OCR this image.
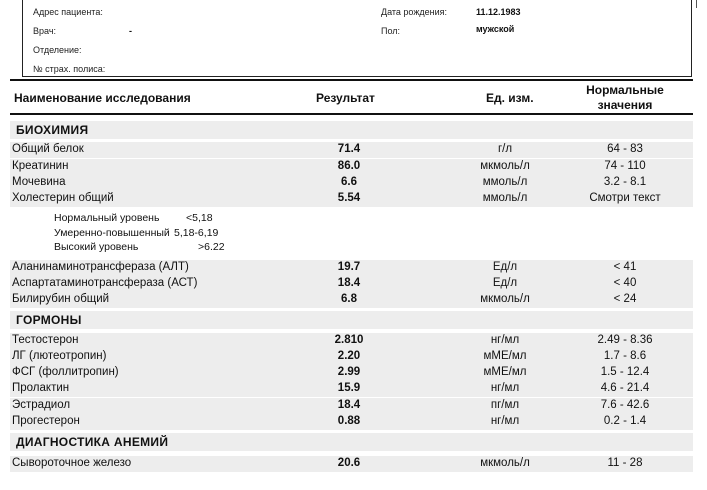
Адрес пациента:
Врач:	-
Отделение:
№ страх. полиса:
Дата рождения:	11.12.1983
Пол:	мужской
Наименование исследования	Результат	Ед. изм.
Нормальные
значения
БИОХИМИЯ
Общий белок	71.4	г/л	64 - 83
Креатинин	86.0	мкмоль/л	74 - 110
Мочевина	6.6	ммоль/л	3.2 - 8.1
Холестерин общий	5.54	ммоль/л	Смотри текст
Нормальный уровень	<5,18
Умеренно-повышенный 5,18-6,19
Высокий уровень	>6.22
Аланинаминотрансфераза (АЛТ)	19.7	Ед/л	< 41
Аспартатаминотрансфераза (АСТ)	18.4	Ед/л	< 40
Билирубин общий	6.8	мкмоль/л	< 24
ГОРМОНЫ
Тестостерон	2.810	нг/мл	2.49 - 8.36
ЛГ (лютеотропин)	2.20	мМЕ/мл	1.7 - 8.6
ФСГ (фоллитропин)	2.99	мМЕ/мл	1.5 - 12.4
Пролактин	15.9	нг/мл	4.6 - 21.4
Эстрадиол	18.4	пг/мл	7.6 - 42.6
Прогестерон	0.88	нг/мл	0.2 - 1.4
ДИАГНОСТИКА АНЕМИЙ
Сывороточное железо	20.6	мкмоль/л	11 - 28
